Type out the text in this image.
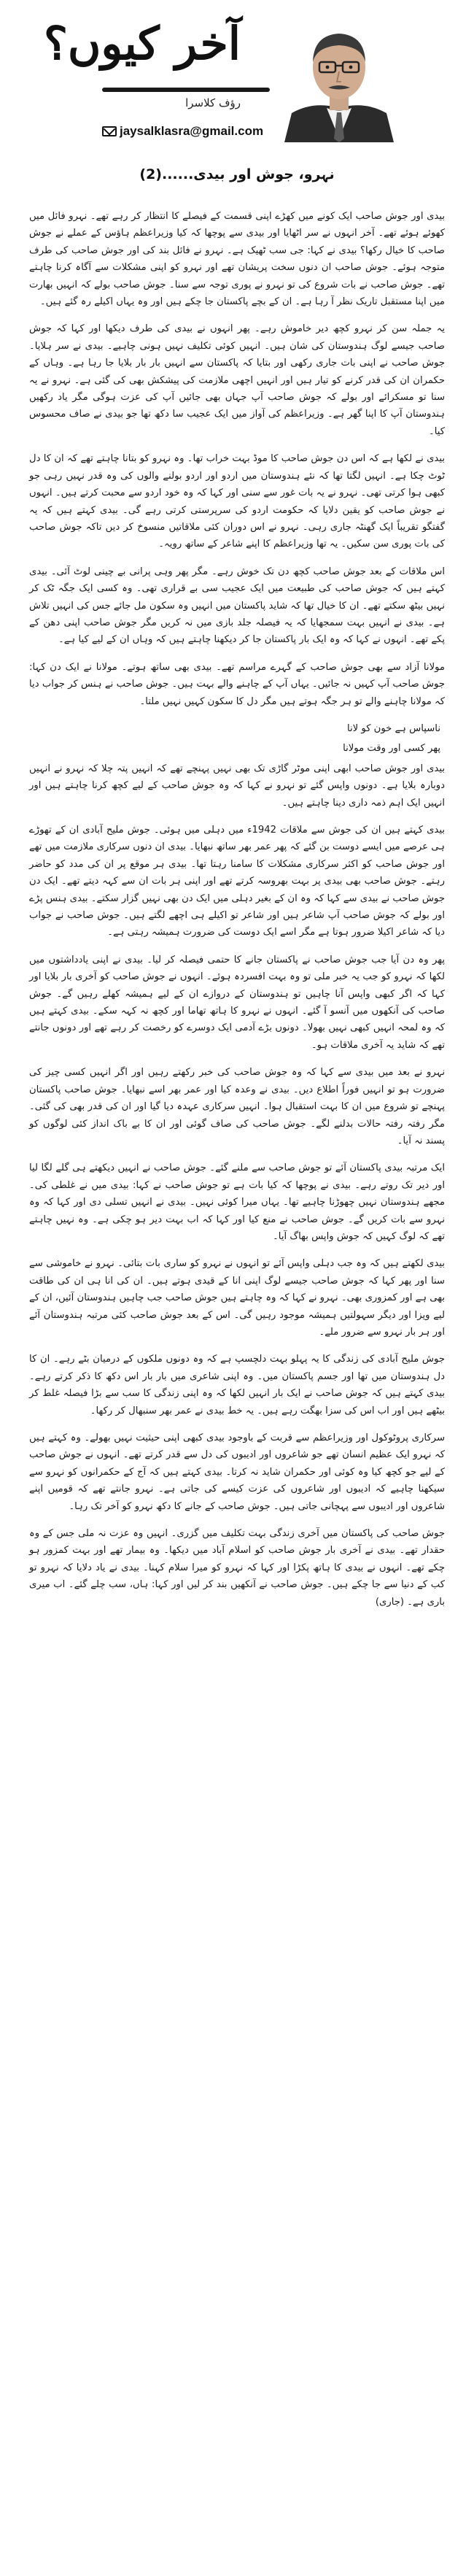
آخر کیوں؟
رؤف کلاسرا
jaysalklasra@gmail.com
نہرو، جوش اور بیدی......(2)

بیدی اور جوش صاحب ایک کونے میں کھڑے اپنی قسمت کے فیصلے کا انتظار کر رہے تھے۔ نہرو فائل میں کھوئے ہوئے تھے۔ آخر انہوں نے سر اٹھایا اور بیدی سے پوچھا کہ کیا وزیراعظم ہاؤس کے عملے نے جوش صاحب کا خیال رکھا؟ بیدی نے کہا: جی سب ٹھیک ہے۔ نہرو نے فائل بند کی اور جوش صاحب کی طرف متوجہ ہوئے۔ جوش صاحب ان دنوں سخت پریشان تھے اور نہرو کو اپنی مشکلات سے آگاہ کرنا چاہتے تھے۔ جوش صاحب نے بات شروع کی تو نہرو نے پوری توجہ سے سنا۔ جوش صاحب بولے کہ انہیں بھارت میں اپنا مستقبل تاریک نظر آ رہا ہے۔ ان کے بچے پاکستان جا چکے ہیں اور وہ یہاں اکیلے رہ گئے ہیں۔

یہ جملہ سن کر نہرو کچھ دیر خاموش رہے۔ پھر انہوں نے بیدی کی طرف دیکھا اور کہا کہ جوش صاحب جیسے لوگ ہندوستان کی شان ہیں۔ انہیں کوئی تکلیف نہیں ہونی چاہیے۔ بیدی نے سر ہلایا۔ جوش صاحب نے اپنی بات جاری رکھی اور بتایا کہ پاکستان سے انہیں بار بار بلایا جا رہا ہے۔ وہاں کے حکمران ان کی قدر کرنے کو تیار ہیں اور انہیں اچھی ملازمت کی پیشکش بھی کی گئی ہے۔ نہرو نے یہ سنا تو مسکرائے اور بولے کہ جوش صاحب آپ جہاں بھی جائیں آپ کی عزت ہوگی مگر یاد رکھیں ہندوستان آپ کا اپنا گھر ہے۔ وزیراعظم کی آواز میں ایک عجیب سا دکھ تھا جو بیدی نے صاف محسوس کیا۔

بیدی نے لکھا ہے کہ اس دن جوش صاحب کا موڈ بہت خراب تھا۔ وہ نہرو کو بتانا چاہتے تھے کہ ان کا دل ٹوٹ چکا ہے۔ انہیں لگتا تھا کہ نئے ہندوستان میں اردو اور اردو بولنے والوں کی وہ قدر نہیں رہی جو کبھی ہوا کرتی تھی۔ نہرو نے یہ بات غور سے سنی اور کہا کہ وہ خود اردو سے محبت کرتے ہیں۔ انہوں نے جوش صاحب کو یقین دلایا کہ حکومت اردو کی سرپرستی کرتی رہے گی۔ بیدی کہتے ہیں کہ یہ گفتگو تقریباً ایک گھنٹہ جاری رہی۔ نہرو نے اس دوران کئی ملاقاتیں منسوخ کر دیں تاکہ جوش صاحب کی بات پوری سن سکیں۔ یہ تھا وزیراعظم کا اپنے شاعر کے ساتھ رویہ۔

اس ملاقات کے بعد جوش صاحب کچھ دن تک خوش رہے۔ مگر پھر وہی پرانی بے چینی لوٹ آئی۔ بیدی کہتے ہیں کہ جوش صاحب کی طبیعت میں ایک عجیب سی بے قراری تھی۔ وہ کسی ایک جگہ ٹک کر نہیں بیٹھ سکتے تھے۔ ان کا خیال تھا کہ شاید پاکستان میں انہیں وہ سکون مل جائے جس کی انہیں تلاش ہے۔ بیدی نے انہیں بہت سمجھایا کہ یہ فیصلہ جلد بازی میں نہ کریں مگر جوش صاحب اپنی دھن کے پکے تھے۔ انہوں نے کہا کہ وہ ایک بار پاکستان جا کر دیکھنا چاہتے ہیں کہ وہاں ان کے لیے کیا ہے۔

مولانا آزاد سے بھی جوش صاحب کے گہرے مراسم تھے۔ بیدی بھی ساتھ ہوتے۔ مولانا نے ایک دن کہا: جوش صاحب آپ کہیں نہ جائیں۔ یہاں آپ کے چاہنے والے بہت ہیں۔ جوش صاحب نے ہنس کر جواب دیا کہ مولانا چاہنے والے تو ہر جگہ ہوتے ہیں مگر دل کا سکون کہیں نہیں ملتا۔

ناسپاس ہے خون کو لانا

پھر کسی اور وقت مولانا

بیدی اور جوش صاحب ابھی اپنی موٹر گاڑی تک بھی نہیں پہنچے تھے کہ انہیں پتہ چلا کہ نہرو نے انہیں دوبارہ بلایا ہے۔ دونوں واپس گئے تو نہرو نے کہا کہ وہ جوش صاحب کے لیے کچھ کرنا چاہتے ہیں اور انہیں ایک اہم ذمہ داری دینا چاہتے ہیں۔

بیدی کہتے ہیں ان کی جوش سے ملاقات 1942ء میں دہلی میں ہوئی۔ جوش ملیح آبادی ان کے تھوڑے ہی عرصے میں ایسے دوست بن گئے کہ پھر عمر بھر ساتھ نبھایا۔ بیدی ان دنوں سرکاری ملازمت میں تھے اور جوش صاحب کو اکثر سرکاری مشکلات کا سامنا رہتا تھا۔ بیدی ہر موقع پر ان کی مدد کو حاضر رہتے۔ جوش صاحب بھی بیدی پر بہت بھروسہ کرتے تھے اور اپنی ہر بات ان سے کہہ دیتے تھے۔ ایک دن جوش صاحب نے بیدی سے کہا کہ وہ ان کے بغیر دہلی میں ایک دن بھی نہیں گزار سکتے۔ بیدی ہنس پڑے اور بولے کہ جوش صاحب آپ شاعر ہیں اور شاعر تو اکیلے ہی اچھے لگتے ہیں۔ جوش صاحب نے جواب دیا کہ شاعر اکیلا ضرور ہوتا ہے مگر اسے ایک دوست کی ضرورت ہمیشہ رہتی ہے۔

پھر وہ دن آیا جب جوش صاحب نے پاکستان جانے کا حتمی فیصلہ کر لیا۔ بیدی نے اپنی یادداشتوں میں لکھا کہ نہرو کو جب یہ خبر ملی تو وہ بہت افسردہ ہوئے۔ انہوں نے جوش صاحب کو آخری بار بلایا اور کہا کہ اگر کبھی واپس آنا چاہیں تو ہندوستان کے دروازے ان کے لیے ہمیشہ کھلے رہیں گے۔ جوش صاحب کی آنکھوں میں آنسو آ گئے۔ انہوں نے نہرو کا ہاتھ تھاما اور کچھ نہ کہہ سکے۔ بیدی کہتے ہیں کہ وہ لمحہ انہیں کبھی نہیں بھولا۔ دونوں بڑے آدمی ایک دوسرے کو رخصت کر رہے تھے اور دونوں جانتے تھے کہ شاید یہ آخری ملاقات ہو۔

نہرو نے بعد میں بیدی سے کہا کہ وہ جوش صاحب کی خبر رکھتے رہیں اور اگر انہیں کسی چیز کی ضرورت ہو تو انہیں فوراً اطلاع دیں۔ بیدی نے وعدہ کیا اور عمر بھر اسے نبھایا۔ جوش صاحب پاکستان پہنچے تو شروع میں ان کا بہت استقبال ہوا۔ انہیں سرکاری عہدہ دیا گیا اور ان کی قدر بھی کی گئی۔ مگر رفتہ رفتہ حالات بدلنے لگے۔ جوش صاحب کی صاف گوئی اور ان کا بے باک انداز کئی لوگوں کو پسند نہ آیا۔

ایک مرتبہ بیدی پاکستان آئے تو جوش صاحب سے ملنے گئے۔ جوش صاحب نے انہیں دیکھتے ہی گلے لگا لیا اور دیر تک روتے رہے۔ بیدی نے پوچھا کہ کیا بات ہے تو جوش صاحب نے کہا: بیدی میں نے غلطی کی۔ مجھے ہندوستان نہیں چھوڑنا چاہیے تھا۔ یہاں میرا کوئی نہیں۔ بیدی نے انہیں تسلی دی اور کہا کہ وہ نہرو سے بات کریں گے۔ جوش صاحب نے منع کیا اور کہا کہ اب بہت دیر ہو چکی ہے۔ وہ نہیں چاہتے تھے کہ لوگ کہیں کہ جوش واپس بھاگ آیا۔

بیدی لکھتے ہیں کہ وہ جب دہلی واپس آئے تو انہوں نے نہرو کو ساری بات بتائی۔ نہرو نے خاموشی سے سنا اور پھر کہا کہ جوش صاحب جیسے لوگ اپنی انا کے قیدی ہوتے ہیں۔ ان کی انا ہی ان کی طاقت بھی ہے اور کمزوری بھی۔ نہرو نے کہا کہ وہ چاہتے ہیں جوش صاحب جب چاہیں ہندوستان آئیں، ان کے لیے ویزا اور دیگر سہولتیں ہمیشہ موجود رہیں گی۔ اس کے بعد جوش صاحب کئی مرتبہ ہندوستان آئے اور ہر بار نہرو سے ضرور ملے۔

جوش ملیح آبادی کی زندگی کا یہ پہلو بہت دلچسپ ہے کہ وہ دونوں ملکوں کے درمیان بٹے رہے۔ ان کا دل ہندوستان میں تھا اور جسم پاکستان میں۔ وہ اپنی شاعری میں بار بار اس دکھ کا ذکر کرتے رہے۔ بیدی کہتے ہیں کہ جوش صاحب نے ایک بار انہیں لکھا کہ وہ اپنی زندگی کا سب سے بڑا فیصلہ غلط کر بیٹھے ہیں اور اب اس کی سزا بھگت رہے ہیں۔ یہ خط بیدی نے عمر بھر سنبھال کر رکھا۔

سرکاری پروٹوکول اور وزیراعظم سے قربت کے باوجود بیدی کبھی اپنی حیثیت نہیں بھولے۔ وہ کہتے ہیں کہ نہرو ایک عظیم انسان تھے جو شاعروں اور ادیبوں کی دل سے قدر کرتے تھے۔ انہوں نے جوش صاحب کے لیے جو کچھ کیا وہ کوئی اور حکمران شاید نہ کرتا۔ بیدی کہتے ہیں کہ آج کے حکمرانوں کو نہرو سے سیکھنا چاہیے کہ ادیبوں اور شاعروں کی عزت کیسے کی جاتی ہے۔ نہرو جانتے تھے کہ قومیں اپنے شاعروں اور ادیبوں سے پہچانی جاتی ہیں۔ جوش صاحب کے جانے کا دکھ نہرو کو آخر تک رہا۔

جوش صاحب کی پاکستان میں آخری زندگی بہت تکلیف میں گزری۔ انہیں وہ عزت نہ ملی جس کے وہ حقدار تھے۔ بیدی نے آخری بار جوش صاحب کو اسلام آباد میں دیکھا۔ وہ بیمار تھے اور بہت کمزور ہو چکے تھے۔ انہوں نے بیدی کا ہاتھ پکڑا اور کہا کہ نہرو کو میرا سلام کہنا۔ بیدی نے یاد دلایا کہ نہرو تو کب کے دنیا سے جا چکے ہیں۔ جوش صاحب نے آنکھیں بند کر لیں اور کہا: ہاں، سب چلے گئے۔ اب میری باری ہے۔ (جاری)
